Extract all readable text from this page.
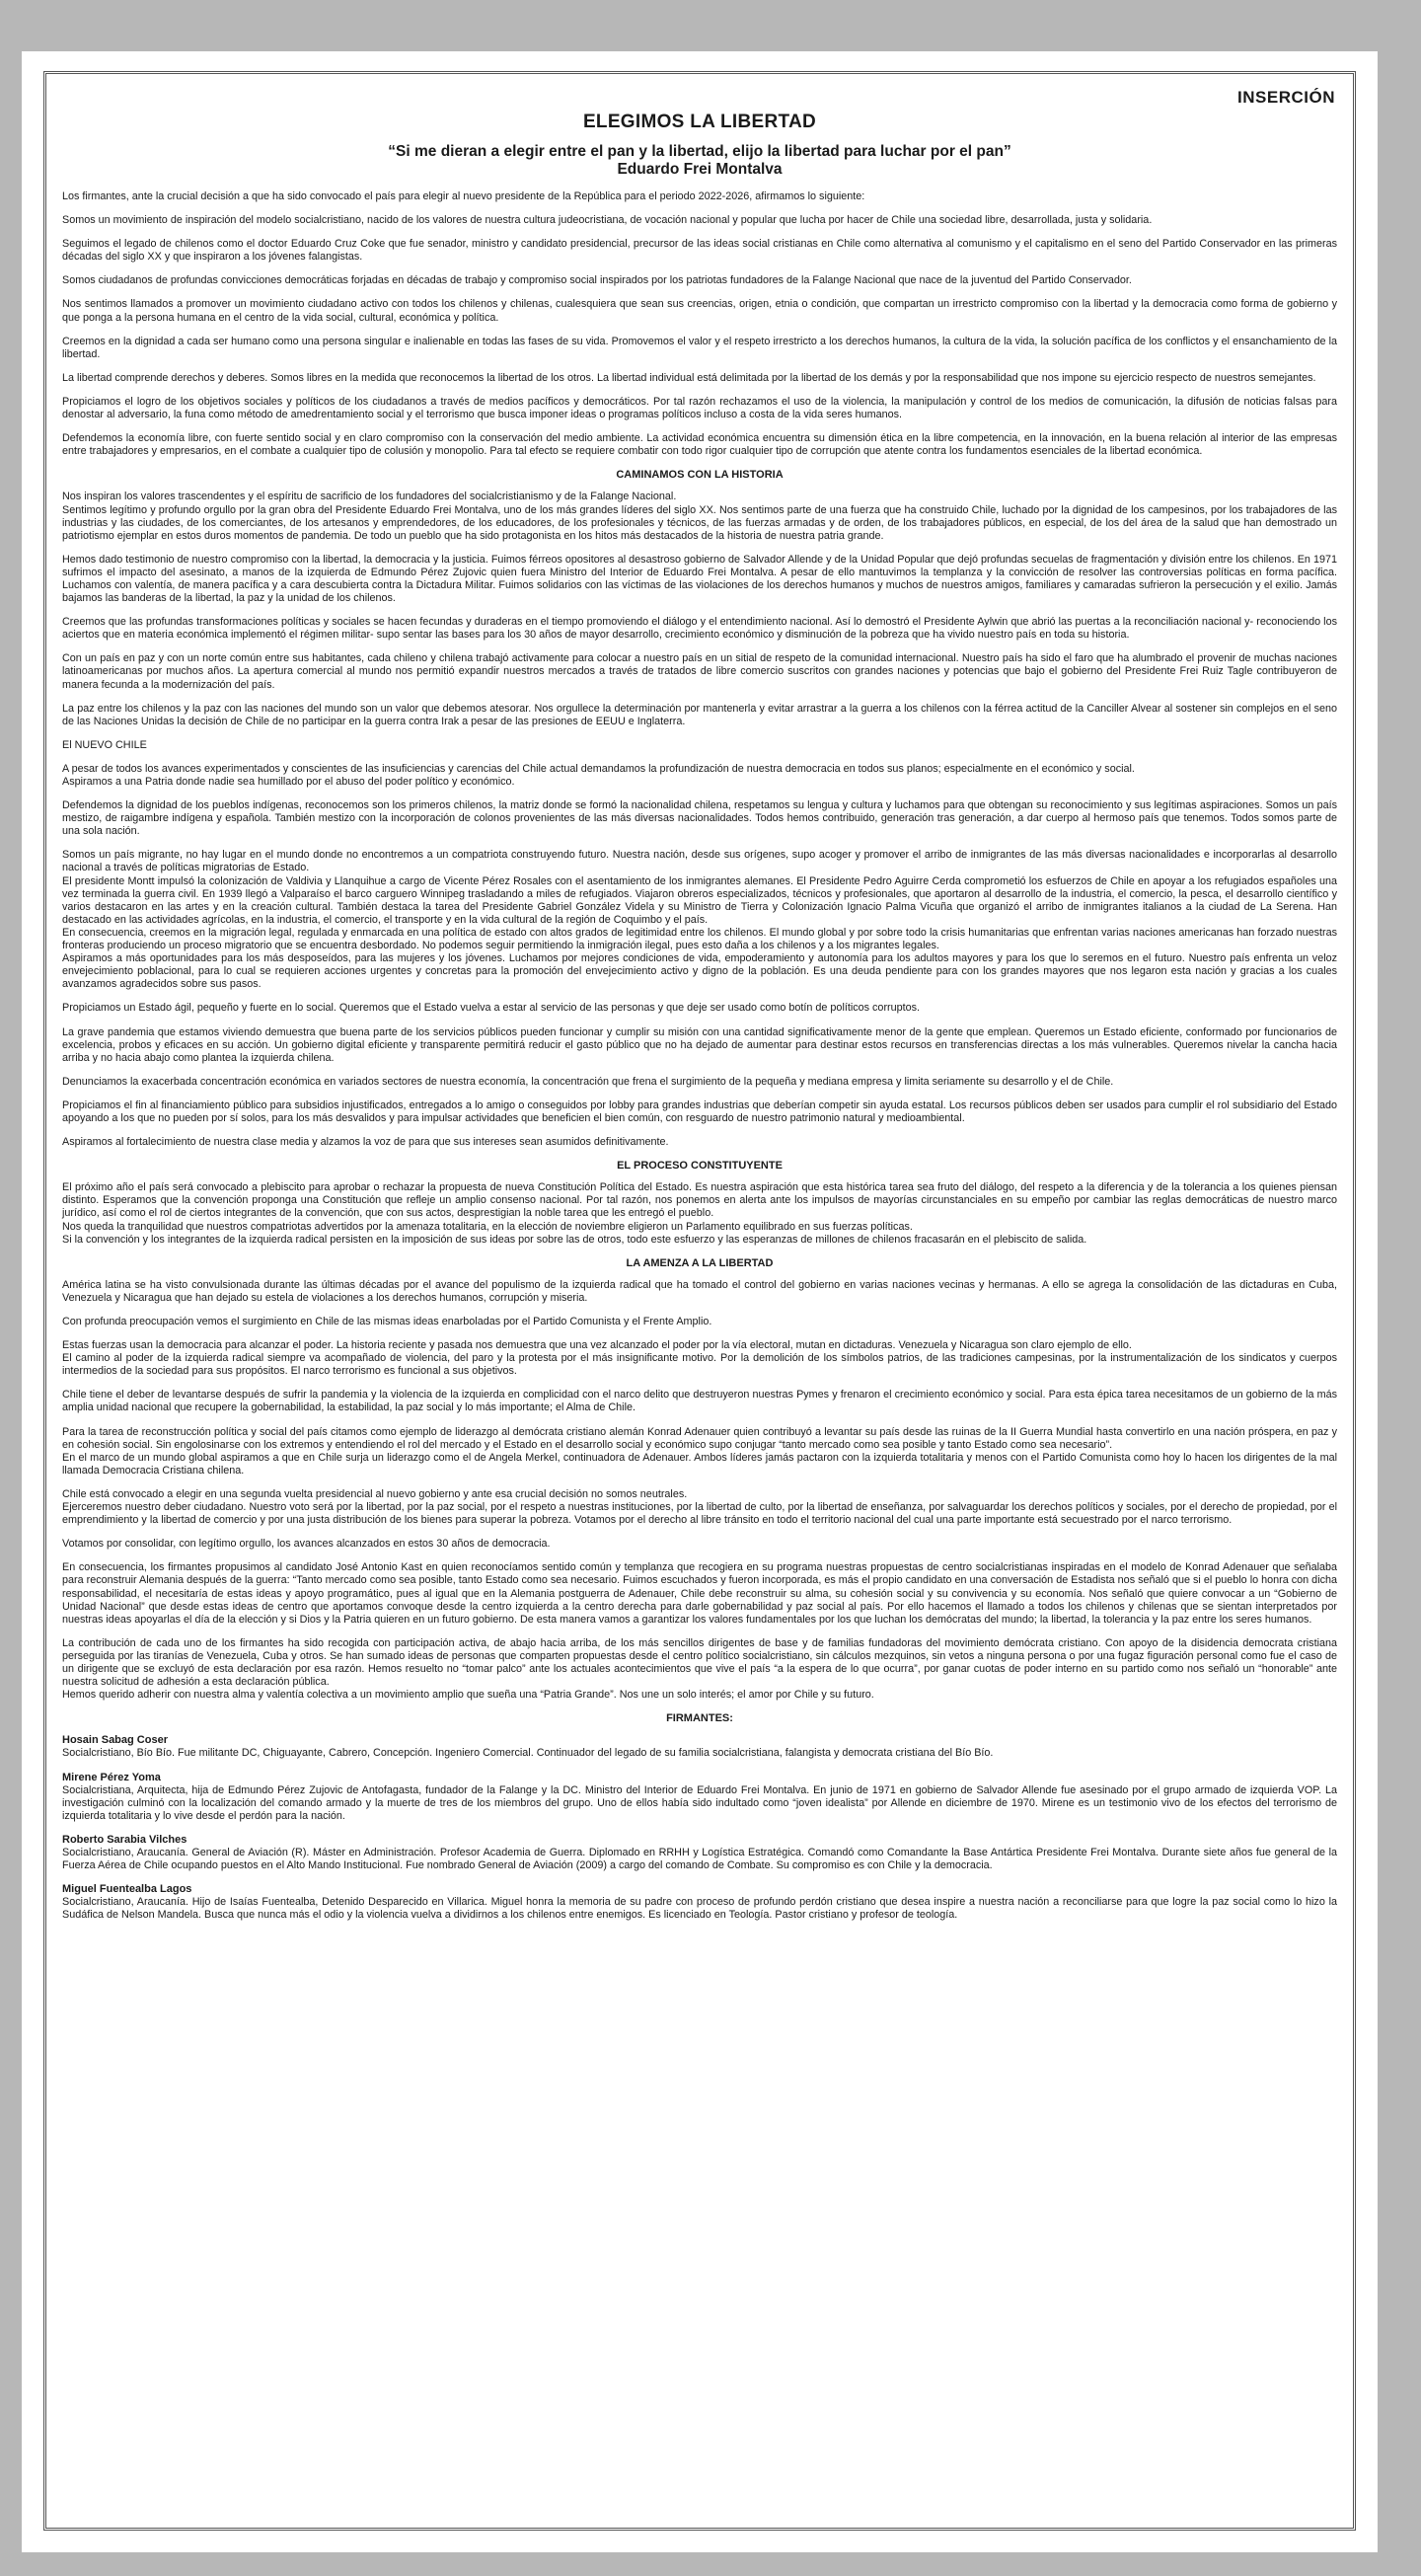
INSERCIÓN
ELEGIMOS LA LIBERTAD
“Si me dieran a elegir entre el pan y la libertad, elijo la libertad para luchar por el pan”
Eduardo Frei Montalva

Los firmantes, ante la crucial decisión a que ha sido convocado el país para elegir al nuevo presidente de la República para el periodo 2022-2026, afirmamos lo siguiente:

Somos un movimiento de inspiración del modelo socialcristiano, nacido de los valores de nuestra cultura judeocristiana, de vocación nacional y popular que lucha por hacer de Chile una sociedad libre, desarrollada, justa y solidaria.

Seguimos el legado de chilenos como el doctor Eduardo Cruz Coke que fue senador, ministro y candidato presidencial, precursor de las ideas social cristianas en Chile como alternativa al comunismo y el capitalismo en el seno del Partido Conservador en las primeras décadas del siglo XX y que inspiraron a los jóvenes falangistas.

Somos ciudadanos de profundas convicciones democráticas forjadas en décadas de trabajo y compromiso social inspirados por los patriotas fundadores de la Falange Nacional que nace de la juventud del Partido Conservador.

Nos sentimos llamados a promover un movimiento ciudadano activo con todos los chilenos y chilenas, cualesquiera que sean sus creencias, origen, etnia o condición, que compartan un irrestricto compromiso con la libertad y la democracia como forma de gobierno y que ponga a la persona humana en el centro de la vida social, cultural, económica y política.

Creemos en la dignidad a cada ser humano como una persona singular e inalienable en todas las fases de su vida. Promovemos el valor y el respeto irrestricto a los derechos humanos, la cultura de la vida, la solución pacífica de los conflictos y el ensanchamiento de la libertad.

La libertad comprende derechos y deberes. Somos libres en la medida que reconocemos la libertad de los otros. La libertad individual está delimitada por la libertad de los demás y por la responsabilidad que nos impone su ejercicio respecto de nuestros semejantes.

Propiciamos el logro de los objetivos sociales y políticos de los ciudadanos a través de medios pacíficos y democráticos. Por tal razón rechazamos el uso de la violencia, la manipulación y control de los medios de comunicación, la difusión de noticias falsas para denostar al adversario, la funa como método de amedrentamiento social y el terrorismo que busca imponer ideas o programas políticos incluso a costa de la vida seres humanos.

Defendemos la economía libre, con fuerte sentido social y en claro compromiso con la conservación del medio ambiente. La actividad económica encuentra su dimensión ética en la libre competencia, en la innovación, en la buena relación al interior de las empresas entre trabajadores y empresarios, en el combate a cualquier tipo de colusión y monopolio. Para tal efecto se requiere combatir con todo rigor cualquier tipo de corrupción que atente contra los fundamentos esenciales de la libertad económica.

CAMINAMOS CON LA HISTORIA

Nos inspiran los valores trascendentes y el espíritu de sacrificio de los fundadores del socialcristianismo y de la Falange Nacional.
Sentimos legítimo y profundo orgullo por la gran obra del Presidente Eduardo Frei Montalva, uno de los más grandes líderes del siglo XX. Nos sentimos parte de una fuerza que ha construido Chile, luchado por la dignidad de los campesinos, por los trabajadores de las industrias y las ciudades, de los comerciantes, de los artesanos y emprendedores, de los educadores, de los profesionales y técnicos, de las fuerzas armadas y de orden, de los trabajadores públicos, en especial, de los del área de la salud que han demostrado un patriotismo ejemplar en estos duros momentos de pandemia. De todo un pueblo que ha sido protagonista en los hitos más destacados de la historia de nuestra patria grande.

Hemos dado testimonio de nuestro compromiso con la libertad, la democracia y la justicia. Fuimos férreos opositores al desastroso gobierno de Salvador Allende y de la Unidad Popular que dejó profundas secuelas de fragmentación y división entre los chilenos. En 1971 sufrimos el impacto del asesinato, a manos de la izquierda de Edmundo Pérez Zujovic quien fuera Ministro del Interior de Eduardo Frei Montalva. A pesar de ello mantuvimos la templanza y la convicción de resolver las controversias políticas en forma pacífica. Luchamos con valentía, de manera pacífica y a cara descubierta contra la Dictadura Militar. Fuimos solidarios con las víctimas de las violaciones de los derechos humanos y muchos de nuestros amigos, familiares y camaradas sufrieron la persecución y el exilio. Jamás bajamos las banderas de la libertad, la paz y la unidad de los chilenos.

Creemos que las profundas transformaciones políticas y sociales se hacen fecundas y duraderas en el tiempo promoviendo el diálogo y el entendimiento nacional. Así lo demostró el Presidente Aylwin que abrió las puertas a la reconciliación nacional y- reconociendo los aciertos que en materia económica implementó el régimen militar- supo sentar las bases para los 30 años de mayor desarrollo, crecimiento económico y disminución de la pobreza que ha vivido nuestro país en toda su historia.

Con un país en paz y con un norte común entre sus habitantes, cada chileno y chilena trabajó activamente para colocar a nuestro país en un sitial de respeto de la comunidad internacional. Nuestro país ha sido el faro que ha alumbrado el provenir de muchas naciones latinoamericanas por muchos años. La apertura comercial al mundo nos permitió expandir nuestros mercados a través de tratados de libre comercio suscritos con grandes naciones y potencias que bajo el gobierno del Presidente Frei Ruiz Tagle contribuyeron de manera fecunda a la modernización del país.

La paz entre los chilenos y la paz con las naciones del mundo son un valor que debemos atesorar. Nos orgullece la determinación por mantenerla y evitar arrastrar a la guerra a los chilenos con la férrea actitud de la Canciller Alvear al sostener sin complejos en el seno de las Naciones Unidas la decisión de Chile de no participar en la guerra contra Irak a pesar de las presiones de EEUU e Inglaterra.

El NUEVO CHILE

A pesar de todos los avances experimentados y conscientes de las insuficiencias y carencias del Chile actual demandamos la profundización de nuestra democracia en todos sus planos; especialmente en el económico y social.
Aspiramos a una Patria donde nadie sea humillado por el abuso del poder político y económico.

Defendemos la dignidad de los pueblos indígenas, reconocemos son los primeros chilenos, la matriz donde se formó la nacionalidad chilena, respetamos su lengua y cultura y luchamos para que obtengan su reconocimiento y sus legítimas aspiraciones. Somos un país mestizo, de raigambre indígena y española. También mestizo con la incorporación de colonos provenientes de las más diversas nacionalidades. Todos hemos contribuido, generación tras generación, a dar cuerpo al hermoso país que tenemos. Todos somos parte de una sola nación.

Somos un país migrante, no hay lugar en el mundo donde no encontremos a un compatriota construyendo futuro. Nuestra nación, desde sus orígenes, supo acoger y promover el arribo de inmigrantes de las más diversas nacionalidades e incorporarlas al desarrollo nacional a través de políticas migratorias de Estado.
El presidente Montt impulsó la colonización de Valdivia y Llanquihue a cargo de Vicente Pérez Rosales con el asentamiento de los inmigrantes alemanes. El Presidente Pedro Aguirre Cerda comprometió los esfuerzos de Chile en apoyar a los refugiados españoles una vez terminada la guerra civil. En 1939 llegó a Valparaíso el barco carguero Winnipeg trasladando a miles de refugiados. Viajaron obreros especializados, técnicos y profesionales, que aportaron al desarrollo de la industria, el comercio, la pesca, el desarrollo científico y varios destacaron en las artes y en la creación cultural. También destaca la tarea del Presidente Gabriel González Videla y su Ministro de Tierra y Colonización Ignacio Palma Vicuña que organizó el arribo de inmigrantes italianos a la ciudad de La Serena. Han destacado en las actividades agrícolas, en la industria, el comercio, el transporte y en la vida cultural de la región de Coquimbo y el país.
En consecuencia, creemos en la migración legal, regulada y enmarcada en una política de estado con altos grados de legitimidad entre los chilenos. El mundo global y por sobre todo la crisis humanitarias que enfrentan varias naciones americanas han forzado nuestras fronteras produciendo un proceso migratorio que se encuentra desbordado. No podemos seguir permitiendo la inmigración ilegal, pues esto daña a los chilenos y a los migrantes legales.
Aspiramos a más oportunidades para los más desposeídos, para las mujeres y los jóvenes. Luchamos por mejores condiciones de vida, empoderamiento y autonomía para los adultos mayores y para los que lo seremos en el futuro. Nuestro país enfrenta un veloz envejecimiento poblacional, para lo cual se requieren acciones urgentes y concretas para la promoción del envejecimiento activo y digno de la población. Es una deuda pendiente para con los grandes mayores que nos legaron esta nación y gracias a los cuales avanzamos agradecidos sobre sus pasos.

Propiciamos un Estado ágil, pequeño y fuerte en lo social. Queremos que el Estado vuelva a estar al servicio de las personas y que deje ser usado como botín de políticos corruptos.

La grave pandemia que estamos viviendo demuestra que buena parte de los servicios públicos pueden funcionar y cumplir su misión con una cantidad significativamente menor de la gente que emplean. Queremos un Estado eficiente, conformado por funcionarios de excelencia, probos y eficaces en su acción. Un gobierno digital eficiente y transparente permitirá reducir el gasto público que no ha dejado de aumentar para destinar estos recursos en transferencias directas a los más vulnerables. Queremos nivelar la cancha hacia arriba y no hacia abajo como plantea la izquierda chilena.

Denunciamos la exacerbada concentración económica en variados sectores de nuestra economía, la concentración que frena el surgimiento de la pequeña y mediana empresa y limita seriamente su desarrollo y el de Chile.

Propiciamos el fin al financiamiento público para subsidios injustificados, entregados a lo amigo o conseguidos por lobby para grandes industrias que deberían competir sin ayuda estatal. Los recursos públicos deben ser usados para cumplir el rol subsidiario del Estado apoyando a los que no pueden por sí solos, para los más desvalidos y para impulsar actividades que beneficien el bien común, con resguardo de nuestro patrimonio natural y medioambiental.

Aspiramos al fortalecimiento de nuestra clase media y alzamos la voz de para que sus intereses sean asumidos definitivamente.

EL PROCESO CONSTITUYENTE

El próximo año el país será convocado a plebiscito para aprobar o rechazar la propuesta de nueva Constitución Política del Estado. Es nuestra aspiración que esta histórica tarea sea fruto del diálogo, del respeto a la diferencia y de la tolerancia a los quienes piensan distinto. Esperamos que la convención proponga una Constitución que refleje un amplio consenso nacional. Por tal razón, nos ponemos en alerta ante los impulsos de mayorías circunstanciales en su empeño por cambiar las reglas democráticas de nuestro marco jurídico, así como el rol de ciertos integrantes de la convención, que con sus actos, desprestigian la noble tarea que les entregó el pueblo.
Nos queda la tranquilidad que nuestros compatriotas advertidos por la amenaza totalitaria, en la elección de noviembre eligieron un Parlamento equilibrado en sus fuerzas políticas.
Si la convención y los integrantes de la izquierda radical persisten en la imposición de sus ideas por sobre las de otros, todo este esfuerzo y las esperanzas de millones de chilenos fracasarán en el plebiscito de salida.

LA AMENZA A LA LIBERTAD

América latina se ha visto convulsionada durante las últimas décadas por el avance del populismo de la izquierda radical que ha tomado el control del gobierno en varias naciones vecinas y hermanas. A ello se agrega la consolidación de las dictaduras en Cuba, Venezuela y Nicaragua que han dejado su estela de violaciones a los derechos humanos, corrupción y miseria.

Con profunda preocupación vemos el surgimiento en Chile de las mismas ideas enarboladas por el Partido Comunista y el Frente Amplio.

Estas fuerzas usan la democracia para alcanzar el poder. La historia reciente y pasada nos demuestra que una vez alcanzado el poder por la vía electoral, mutan en dictaduras. Venezuela y Nicaragua son claro ejemplo de ello.
El camino al poder de la izquierda radical siempre va acompañado de violencia, del paro y la protesta por el más insignificante motivo. Por la demolición de los símbolos patrios, de las tradiciones campesinas, por la instrumentalización de los sindicatos y cuerpos intermedios de la sociedad para sus propósitos. El narco terrorismo es funcional a sus objetivos.

Chile tiene el deber de levantarse después de sufrir la pandemia y la violencia de la izquierda en complicidad con el narco delito que destruyeron nuestras Pymes y frenaron el crecimiento económico y social. Para esta épica tarea necesitamos de un gobierno de la más amplia unidad nacional que recupere la gobernabilidad, la estabilidad, la paz social y lo más importante; el Alma de Chile.

Para la tarea de reconstrucción política y social del país citamos como ejemplo de liderazgo al demócrata cristiano alemán Konrad Adenauer quien contribuyó a levantar su país desde las ruinas de la II Guerra Mundial hasta convertirlo en una nación próspera, en paz y en cohesión social. Sin engolosinarse con los extremos y entendiendo el rol del mercado y el Estado en el desarrollo social y económico supo conjugar “tanto mercado como sea posible y tanto Estado como sea necesario”.
En el marco de un mundo global aspiramos a que en Chile surja un liderazgo como el de Angela Merkel, continuadora de Adenauer. Ambos líderes jamás pactaron con la izquierda totalitaria y menos con el Partido Comunista como hoy lo hacen los dirigentes de la mal llamada Democracia Cristiana chilena.

Chile está convocado a elegir en una segunda vuelta presidencial al nuevo gobierno y ante esa crucial decisión no somos neutrales.
Ejerceremos nuestro deber ciudadano. Nuestro voto será por la libertad, por la paz social, por el respeto a nuestras instituciones, por la libertad de culto, por la libertad de enseñanza, por salvaguardar los derechos políticos y sociales, por el derecho de propiedad, por el emprendimiento y la libertad de comercio y por una justa distribución de los bienes para superar la pobreza. Votamos por el derecho al libre tránsito en todo el territorio nacional del cual una parte importante está secuestrado por el narco terrorismo.

Votamos por consolidar, con legítimo orgullo, los avances alcanzados en estos 30 años de democracia.

En consecuencia, los firmantes propusimos al candidato José Antonio Kast en quien reconocíamos sentido común y templanza que recogiera en su programa nuestras propuestas de centro socialcristianas inspiradas en el modelo de Konrad Adenauer que señalaba para reconstruir Alemania después de la guerra: “Tanto mercado como sea posible, tanto Estado como sea necesario. Fuimos escuchados y fueron incorporada, es más el propio candidato en una conversación de Estadista nos señaló que si el pueblo lo honra con dicha responsabilidad, el necesitaría de estas ideas y apoyo programático, pues al igual que en la Alemania postguerra de Adenauer, Chile debe reconstruir su alma, su cohesión social y su convivencia y su economía. Nos señaló que quiere convocar a un “Gobierno de Unidad Nacional” que desde estas ideas de centro que aportamos convoque desde la centro izquierda a la centro derecha para darle gobernabilidad y paz social al país. Por ello hacemos el llamado a todos los chilenos y chilenas que se sientan interpretados por nuestras ideas apoyarlas el día de la elección y si Dios y la Patria quieren en un futuro gobierno. De esta manera vamos a garantizar los valores fundamentales por los que luchan los demócratas del mundo; la libertad, la tolerancia y la paz entre los seres humanos.

La contribución de cada uno de los firmantes ha sido recogida con participación activa, de abajo hacia arriba, de los más sencillos dirigentes de base y de familias fundadoras del movimiento demócrata cristiano. Con apoyo de la disidencia democrata cristiana perseguida por las tiranías de Venezuela, Cuba y otros. Se han sumado ideas de personas que comparten propuestas desde el centro político socialcristiano, sin cálculos mezquinos, sin vetos a ninguna persona o por una fugaz figuración personal como fue el caso de un dirigente que se excluyó de esta declaración por esa razón. Hemos resuelto no “tomar palco” ante los actuales acontecimientos que vive el país “a la espera de lo que ocurra”, por ganar cuotas de poder interno en su partido como nos señaló un “honorable” ante nuestra solicitud de adhesión a esta declaración pública.
Hemos querido adherir con nuestra alma y valentía colectiva a un movimiento amplio que sueña una “Patria Grande”. Nos une un solo interés; el amor por Chile y su futuro.

FIRMANTES:
Hosain Sabag Coser
Socialcristiano, Bío Bío. Fue militante DC, Chiguayante, Cabrero, Concepción. Ingeniero Comercial. Continuador del legado de su familia socialcristiana, falangista y democrata cristiana del Bío Bío.
Mirene Pérez Yoma
Socialcristiana, Arquitecta, hija de Edmundo Pérez Zujovic de Antofagasta, fundador de la Falange y la DC. Ministro del Interior de Eduardo Frei Montalva. En junio de 1971 en gobierno de Salvador Allende fue asesinado por el grupo armado de izquierda VOP. La investigación culminó con la localización del comando armado y la muerte de tres de los miembros del grupo. Uno de ellos había sido indultado como “joven idealista” por Allende en diciembre de 1970. Mirene es un testimonio vivo de los efectos del terrorismo de izquierda totalitaria y lo vive desde el perdón para la nación.
Roberto Sarabia Vilches
Socialcristiano, Araucanía. General de Aviación (R). Máster en Administración. Profesor Academia de Guerra. Diplomado en RRHH y Logística Estratégica. Comandó como Comandante la Base Antártica Presidente Frei Montalva. Durante siete años fue general de la Fuerza Aérea de Chile ocupando puestos en el Alto Mando Institucional. Fue nombrado General de Aviación (2009) a cargo del comando de Combate. Su compromiso es con Chile y la democracia.
Miguel Fuentealba Lagos
Socialcristiano, Araucanía. Hijo de Isaías Fuentealba, Detenido Desparecido en Villarica. Miguel honra la memoria de su padre con proceso de profundo perdón cristiano que desea inspire a nuestra nación a reconciliarse para que logre la paz social como lo hizo la Sudáfica de Nelson Mandela. Busca que nunca más el odio y la violencia vuelva a dividirnos a los chilenos entre enemigos. Es licenciado en Teología. Pastor cristiano y profesor de teología.
